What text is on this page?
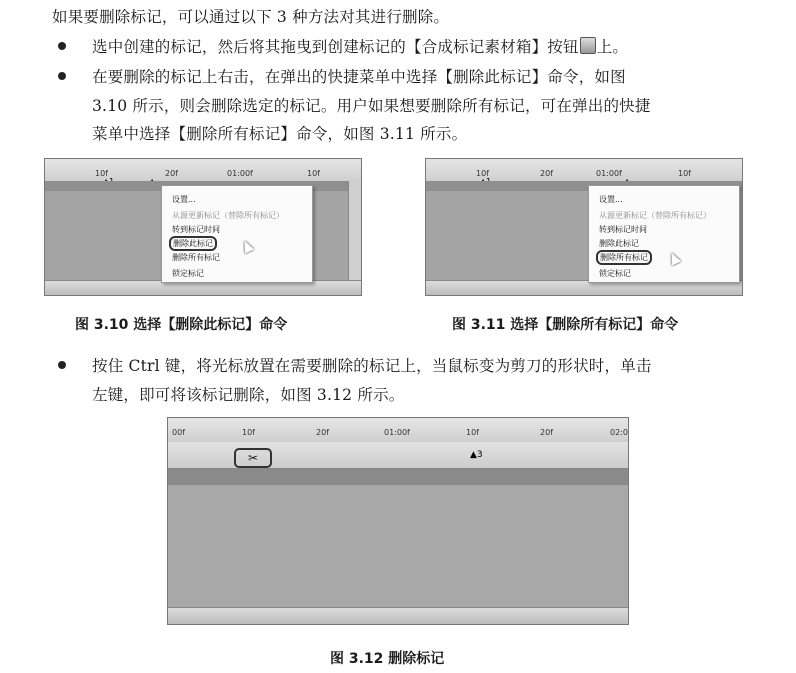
如果要删除标记，可以通过以下 3 种方法对其进行删除。
选中创建的标记，然后将其拖曳到创建标记的【合成标记素材箱】按钮 上。
在要删除的标记上右击，在弹出的快捷菜单中选择【删除此标记】命令，如图
3.10 所示，则会删除选定的标记。用户如果想要删除所有标记，可在弹出的快捷
菜单中选择【删除所有标记】命令，如图 3.11 所示。
10f	20f	01:00f	10f
设置...
从源更新标记（替除所有标记）
转到标记时间
删除此标记
删除所有标记
锁定标记
图 3.10 选择【删除此标记】命令
10f	20f	01:00f	10f
设置...
从源更新标记（替除所有标记）
转到标记时间
删除此标记
删除所有标记
锁定标记
图 3.11 选择【删除所有标记】命令
按住 Ctrl 键，将光标放置在需要删除的标记上，当鼠标变为剪刀的形状时，单击
左键，即可将该标记删除，如图 3.12 所示。
00f	10f	20f	01:00f	10f	20f	02:0
✂	▲3
图 3.12 删除标记
